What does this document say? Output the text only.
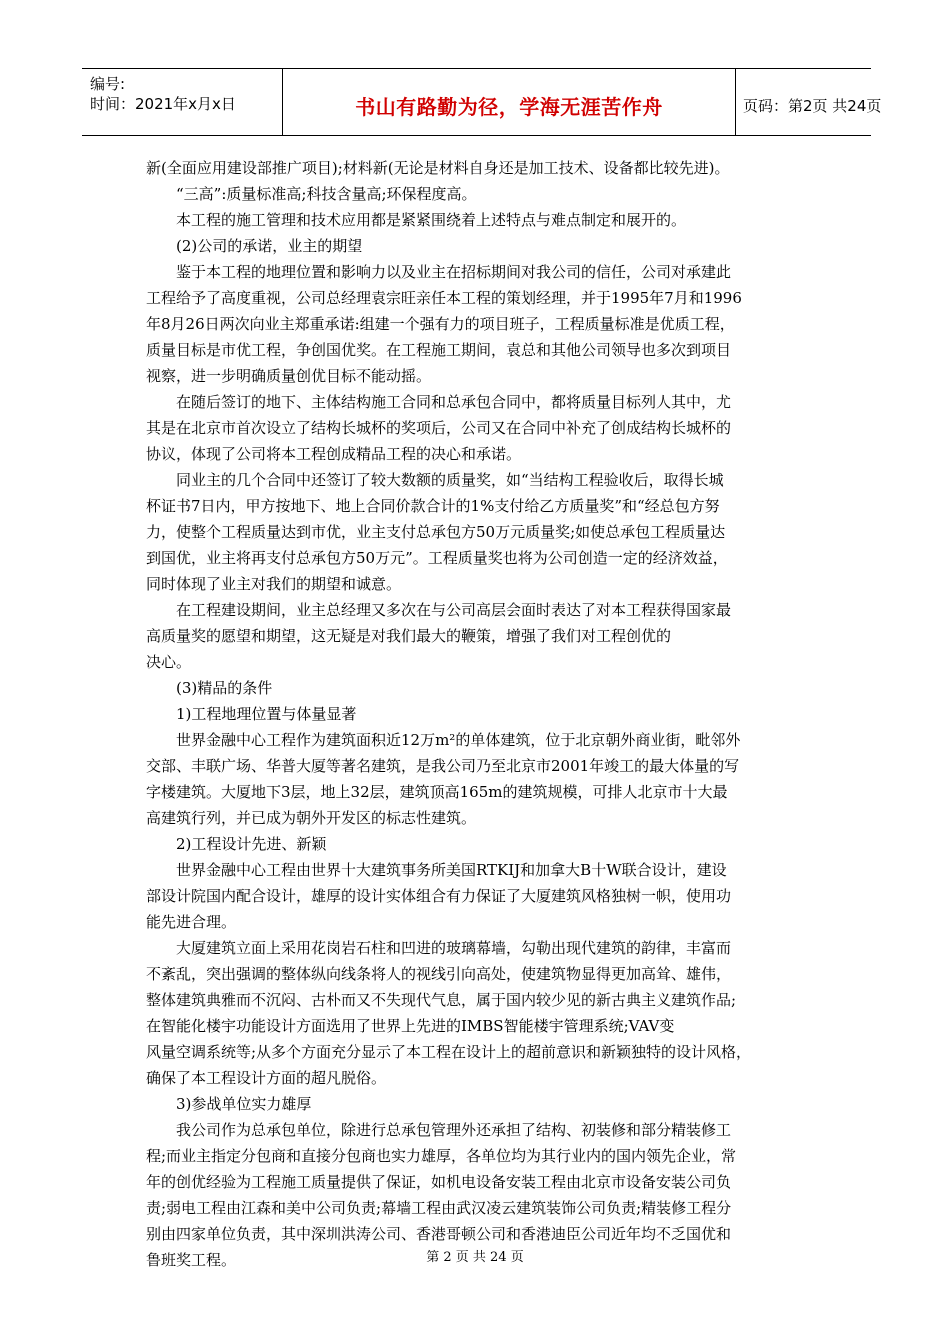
编号:
时间：2021年x月x日	书山有路勤为径，学海无涯苦作舟	页码：第2页 共24页

新(全面应用建设部推广项目);材料新(无论是材料自身还是加工技术、设备都比较先进)。

“三高”:质量标准高;科技含量高;环保程度高。

本工程的施工管理和技术应用都是紧紧围绕着上述特点与难点制定和展开的。

(2)公司的承诺，业主的期望

鉴于本工程的地理位置和影响力以及业主在招标期间对我公司的信任，公司对承建此

工程给予了高度重视，公司总经理袁宗旺亲任本工程的策划经理，并于1995年7月和1996

年8月26日两次向业主郑重承诺:组建一个强有力的项目班子，工程质量标准是优质工程，

质量目标是市优工程，争创国优奖。在工程施工期间，袁总和其他公司领导也多次到项目

视察，进一步明确质量创优目标不能动摇。

在随后签订的地下、主体结构施工合同和总承包合同中，都将质量目标列人其中，尤

其是在北京市首次设立了结构长城杯的奖项后，公司又在合同中补充了创成结构长城杯的

协议，体现了公司将本工程创成精品工程的决心和承诺。

同业主的几个合同中还签订了较大数额的质量奖，如“当结构工程验收后，取得长城

杯证书7日内，甲方按地下、地上合同价款合计的1%支付给乙方质量奖”和“经总包方努

力，使整个工程质量达到市优，业主支付总承包方50万元质量奖;如使总承包工程质量达

到国优，业主将再支付总承包方50万元”。工程质量奖也将为公司创造一定的经济效益，

同时体现了业主对我们的期望和诚意。

在工程建设期间，业主总经理又多次在与公司高层会面时表达了对本工程获得国家最

高质量奖的愿望和期望，这无疑是对我们最大的鞭策，增强了我们对工程创优的

决心。

(3)精品的条件

1)工程地理位置与体量显著

世界金融中心工程作为建筑面积近12万m²的单体建筑，位于北京朝外商业街，毗邻外

交部、丰联广场、华普大厦等著名建筑，是我公司乃至北京市2001年竣工的最大体量的写

字楼建筑。大厦地下3层，地上32层，建筑顶高165m的建筑规模，可排人北京市十大最

高建筑行列，并已成为朝外开发区的标志性建筑。

2)工程设计先进、新颖

世界金融中心工程由世界十大建筑事务所美国RTKIJ和加拿大B十W联合设计，建设

部设计院国内配合设计，雄厚的设计实体组合有力保证了大厦建筑风格独树一帜，使用功

能先进合理。

大厦建筑立面上采用花岗岩石柱和凹进的玻璃幕墙，勾勒出现代建筑的韵律，丰富而

不紊乱，突出强调的整体纵向线条将人的视线引向高处，使建筑物显得更加高耸、雄伟，

整体建筑典雅而不沉闷、古朴而又不失现代气息，属于国内较少见的新古典主义建筑作品;

在智能化楼宇功能设计方面选用了世界上先进的IMBS智能楼宇管理系统;VAV变

风量空调系统等;从多个方面充分显示了本工程在设计上的超前意识和新颖独特的设计风格，

确保了本工程设计方面的超凡脱俗。

3)参战单位实力雄厚

我公司作为总承包单位，除进行总承包管理外还承担了结构、初装修和部分精装修工

程;而业主指定分包商和直接分包商也实力雄厚，各单位均为其行业内的国内领先企业，常

年的创优经验为工程施工质量提供了保证，如机电设备安装工程由北京市设备安装公司负

责;弱电工程由江森和美中公司负责;幕墙工程由武汉凌云建筑装饰公司负责;精装修工程分

别由四家单位负责，其中深圳洪涛公司、香港哥顿公司和香港迪臣公司近年均不乏国优和

鲁班奖工程。	第 2 页 共 24 页
